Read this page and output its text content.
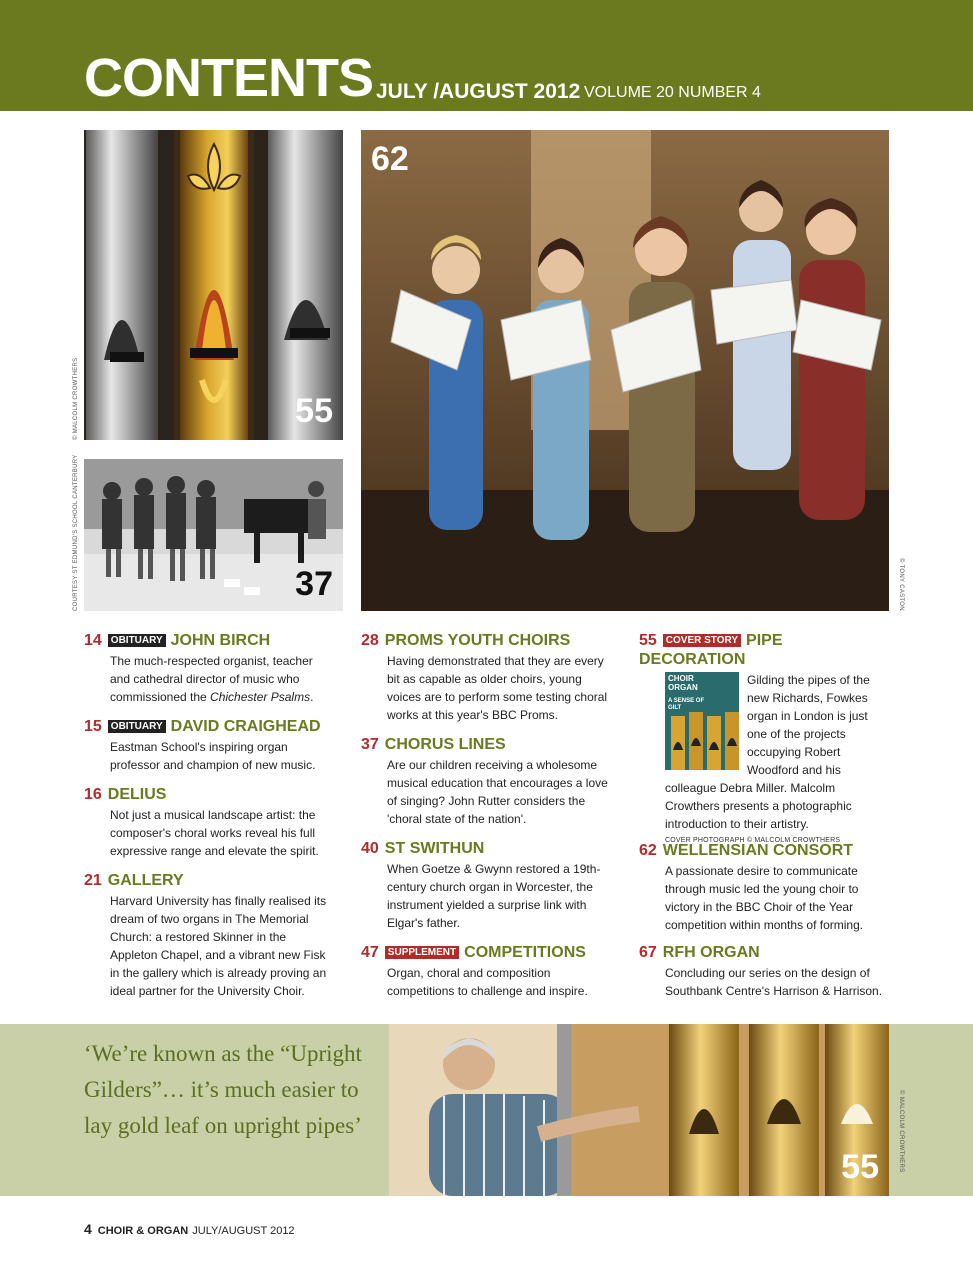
CONTENTS JULY /AUGUST 2012 VOLUME 20 NUMBER 4
55
© MALCOLM CROWTHERS
37
COURTESY ST EDMUND'S SCHOOL CANTERBURY
62
© TONY CASTON
14 OBITUARY JOHN BIRCH
The much-respected organist, teacher and cathedral director of music who commissioned the Chichester Psalms.
15 OBITUARY DAVID CRAIGHEAD
Eastman School's inspiring organ professor and champion of new music.
16 DELIUS
Not just a musical landscape artist: the composer's choral works reveal his full expressive range and elevate the spirit.
21 GALLERY
Harvard University has finally realised its dream of two organs in The Memorial Church: a restored Skinner in the Appleton Chapel, and a vibrant new Fisk in the gallery which is already proving an ideal partner for the University Choir.
28 PROMS YOUTH CHOIRS
Having demonstrated that they are every bit as capable as older choirs, young voices are to perform some testing choral works at this year's BBC Proms.
37 CHORUS LINES
Are our children receiving a wholesome musical education that encourages a love of singing? John Rutter considers the 'choral state of the nation'.
40 ST SWITHUN
When Goetze & Gwynn restored a 19th-century church organ in Worcester, the instrument yielded a surprise link with Elgar's father.
47 SUPPLEMENT COMPETITIONS
Organ, choral and composition competitions to challenge and inspire.
55 COVER STORY PIPE DECORATION
CHOIR ORGAN
A SENSE OF GILT
Gilding the pipes of the new Richards, Fowkes organ in London is just one of the projects occupying Robert Woodford and his colleague Debra Miller. Malcolm Crowthers presents a photographic introduction to their artistry.
COVER PHOTOGRAPH © MALCOLM CROWTHERS
62 WELLENSIAN CONSORT
A passionate desire to communicate through music led the young choir to victory in the BBC Choir of the Year competition within months of forming.
67 RFH ORGAN
Concluding our series on the design of Southbank Centre's Harrison & Harrison.
‘We’re known as the “Upright Gilders”… it’s much easier to lay gold leaf on upright pipes’
55	© MALCOLM CROWTHERS
4 CHOIR & ORGAN JULY/AUGUST 2012
